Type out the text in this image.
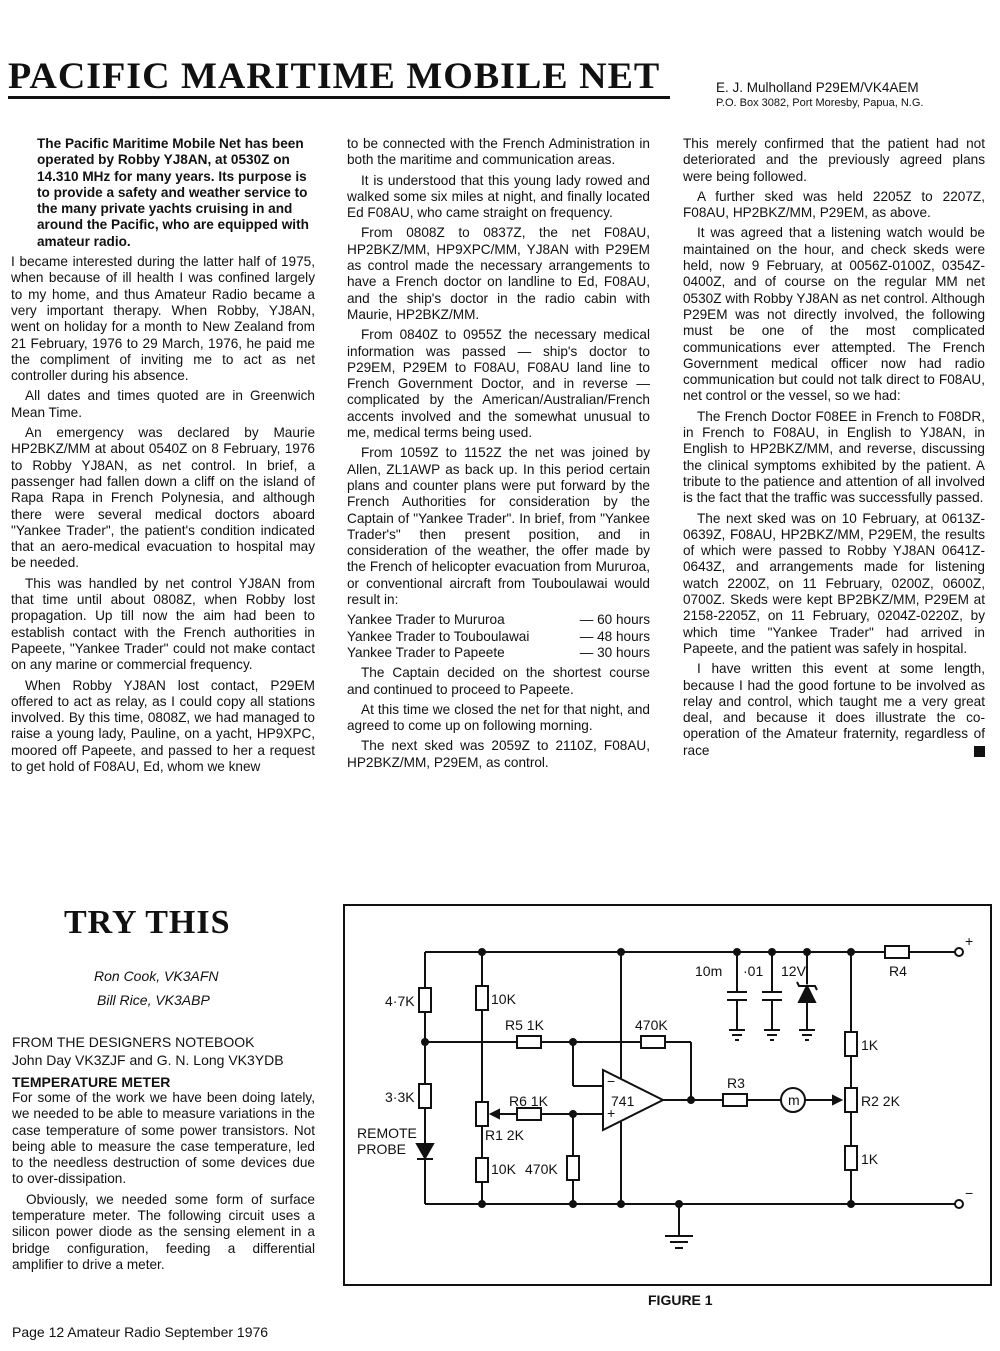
PACIFIC MARITIME MOBILE NET	E. J. Mulholland P29EM/VK4AEM
P.O. Box 3082, Port Moresby, Papua, N.G.

The Pacific Maritime Mobile Net has been operated by Robby YJ8AN, at 0530Z on 14.310 MHz for many years. Its purpose is to provide a safety and weather service to the many private yachts cruising in and around the Pacific, who are equipped with amateur radio.

I became interested during the latter half of 1975, when because of ill health I was confined largely to my home, and thus Amateur Radio became a very important therapy. When Robby, YJ8AN, went on holiday for a month to New Zealand from 21 February, 1976 to 29 March, 1976, he paid me the compliment of inviting me to act as net controller during his absence.

All dates and times quoted are in Greenwich Mean Time.

An emergency was declared by Maurie HP2BKZ/MM at about 0540Z on 8 February, 1976 to Robby YJ8AN, as net control. In brief, a passenger had fallen down a cliff on the island of Rapa Rapa in French Polynesia, and although there were several medical doctors aboard "Yankee Trader", the patient's condition indicated that an aero-medical evacuation to hospital may be needed.

This was handled by net control YJ8AN from that time until about 0808Z, when Robby lost propagation. Up till now the aim had been to establish contact with the French authorities in Papeete, "Yankee Trader" could not make contact on any marine or commercial frequency.

When Robby YJ8AN lost contact, P29EM offered to act as relay, as I could copy all stations involved. By this time, 0808Z, we had managed to raise a young lady, Pauline, on a yacht, HP9XPC, moored off Papeete, and passed to her a request to get hold of F08AU, Ed, whom we knew

to be connected with the French Administration in both the maritime and communication areas.

It is understood that this young lady rowed and walked some six miles at night, and finally located Ed F08AU, who came straight on frequency.

From 0808Z to 0837Z, the net F08AU, HP2BKZ/MM, HP9XPC/MM, YJ8AN with P29EM as control made the necessary arrangements to have a French doctor on landline to Ed, F08AU, and the ship's doctor in the radio cabin with Maurie, HP2BKZ/MM.

From 0840Z to 0955Z the necessary medical information was passed — ship's doctor to P29EM, P29EM to F08AU, F08AU land line to French Government Doctor, and in reverse — complicated by the American/Australian/French accents involved and the somewhat unusual to me, medical terms being used.

From 1059Z to 1152Z the net was joined by Allen, ZL1AWP as back up. In this period certain plans and counter plans were put forward by the French Authorities for consideration by the Captain of "Yankee Trader". In brief, from "Yankee Trader's" then present position, and in consideration of the weather, the offer made by the French of helicopter evacuation from Mururoa, or conventional aircraft from Touboulawai would result in:

Yankee Trader to Mururoa	— 60 hours
Yankee Trader to Touboulawai	— 48 hours
Yankee Trader to Papeete	— 30 hours

The Captain decided on the shortest course and continued to proceed to Papeete.

At this time we closed the net for that night, and agreed to come up on following morning.

The next sked was 2059Z to 2110Z, F08AU, HP2BKZ/MM, P29EM, as control.

This merely confirmed that the patient had not deteriorated and the previously agreed plans were being followed.

A further sked was held 2205Z to 2207Z, F08AU, HP2BKZ/MM, P29EM, as above.

It was agreed that a listening watch would be maintained on the hour, and check skeds were held, now 9 February, at 0056Z-0100Z, 0354Z-0400Z, and of course on the regular MM net 0530Z with Robby YJ8AN as net control. Although P29EM was not directly involved, the following must be one of the most complicated communications ever attempted. The French Government medical officer now had radio communication but could not talk direct to F08AU, net control or the vessel, so we had:

The French Doctor F08EE in French to F08DR, in French to F08AU, in English to YJ8AN, in English to HP2BKZ/MM, and reverse, discussing the clinical symptoms exhibited by the patient. A tribute to the patience and attention of all involved is the fact that the traffic was successfully passed.

The next sked was on 10 February, at 0613Z-0639Z, F08AU, HP2BKZ/MM, P29EM, the results of which were passed to Robby YJ8AN 0641Z-0643Z, and arrangements made for listening watch 2200Z, on 11 February, 0200Z, 0600Z, 0700Z. Skeds were kept BP2BKZ/MM, P29EM at 2158-2205Z, on 11 February, 0204Z-0220Z, by which time "Yankee Trader" had arrived in Papeete, and the patient was safely in hospital.

I have written this event at some length, because I had the good fortune to be involved as relay and control, which taught me a very great deal, and because it does illustrate the co-operation of the Amateur fraternity, regardless of race

TRY THIS
Ron Cook, VK3AFN
Bill Rice, VK3ABP
FROM THE DESIGNERS NOTEBOOK
John Day VK3ZJF and G. N. Long VK3YDB
TEMPERATURE METER

For some of the work we have been doing lately, we needed to be able to measure variations in the case temperature of some power transistors. Not being able to measure the case temperature, led to the needless destruction of some devices due to over-dissipation.

Obviously, we needed some form of surface temperature meter. The following circuit uses a silicon power diode as the sensing element in a bridge configuration, feeding a differential amplifier to drive a meter.

4·7K	10K
R5 1K	470K
10m ·01 12V	R4
1K
3·3K	R6 1K	741
R3
m	R2 2K
REMOTE
PROBE
R1 2K
10K 470K
1K
+
−
+
−
FIGURE 1
Page 12 Amateur Radio September 1976
